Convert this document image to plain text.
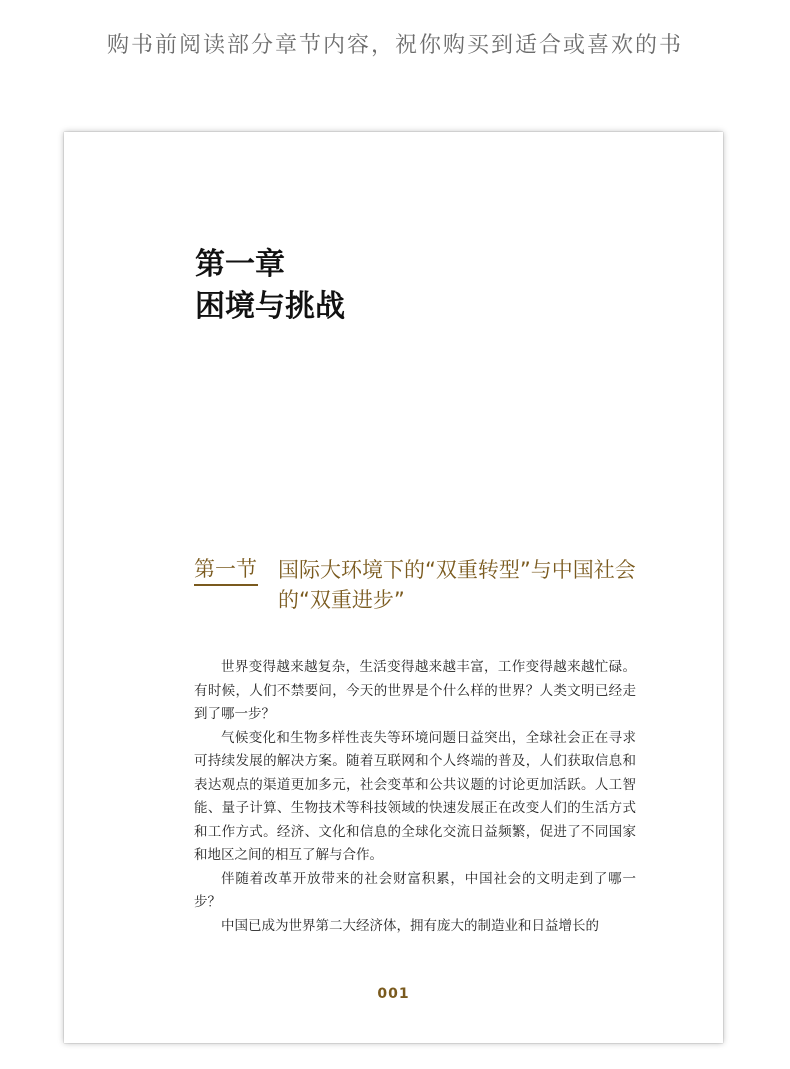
购书前阅读部分章节内容，祝你购买到适合或喜欢的书
第一章
困境与挑战
第一节 国际大环境下的“双重转型”与中国社会的“双重进步”

世界变得越来越复杂，生活变得越来越丰富，工作变得越来越忙碌。有时候，人们不禁要问，今天的世界是个什么样的世界？人类文明已经走到了哪一步？

气候变化和生物多样性丧失等环境问题日益突出，全球社会正在寻求可持续发展的解决方案。随着互联网和个人终端的普及，人们获取信息和表达观点的渠道更加多元，社会变革和公共议题的讨论更加活跃。人工智能、量子计算、生物技术等科技领域的快速发展正在改变人们的生活方式和工作方式。经济、文化和信息的全球化交流日益频繁，促进了不同国家和地区之间的相互了解与合作。

伴随着改革开放带来的社会财富积累，中国社会的文明走到了哪一步？

中国已成为世界第二大经济体，拥有庞大的制造业和日益增长的

001
